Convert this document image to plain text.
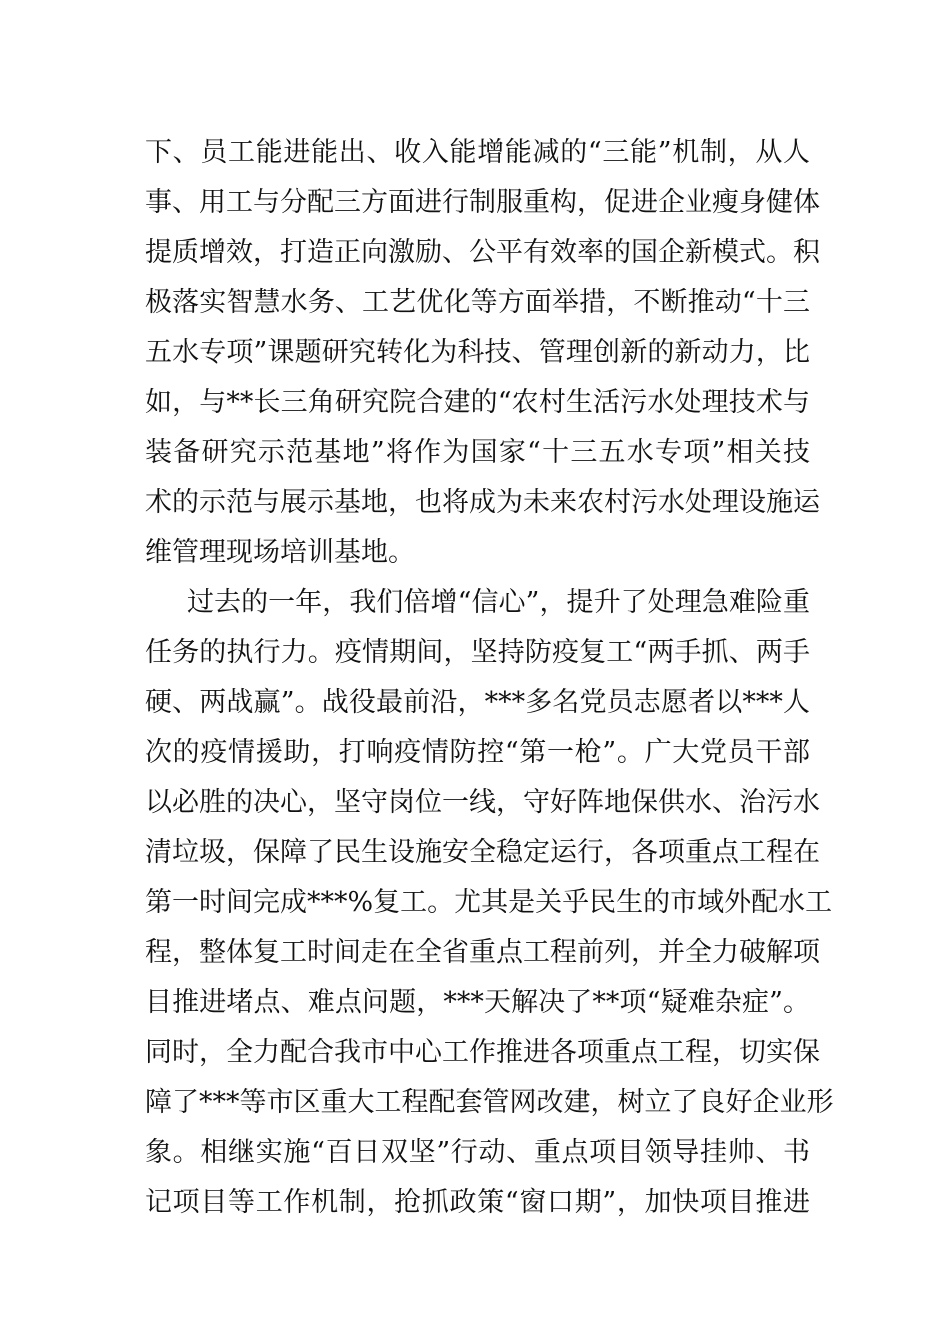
下、员工能进能出、收入能增能减的“三能”机制，从人
事、用工与分配三方面进行制服重构，促进企业瘦身健体
提质增效，打造正向激励、公平有效率的国企新模式。积
极落实智慧水务、工艺优化等方面举措，不断推动“十三
五水专项”课题研究转化为科技、管理创新的新动力，比
如，与**长三角研究院合建的“农村生活污水处理技术与
装备研究示范基地”将作为国家“十三五水专项”相关技
术的示范与展示基地，也将成为未来农村污水处理设施运
维管理现场培训基地。
过去的一年，我们倍增“信心”，提升了处理急难险重
任务的执行力。疫情期间，坚持防疫复工“两手抓、两手
硬、两战赢”。战役最前沿，***多名党员志愿者以***人
次的疫情援助，打响疫情防控“第一枪”。广大党员干部
以必胜的决心，坚守岗位一线，守好阵地保供水、治污水
清垃圾，保障了民生设施安全稳定运行，各项重点工程在
第一时间完成***%复工。尤其是关乎民生的市域外配水工
程，整体复工时间走在全省重点工程前列，并全力破解项
目推进堵点、难点问题，***天解决了**项“疑难杂症”。
同时，全力配合我市中心工作推进各项重点工程，切实保
障了***等市区重大工程配套管网改建，树立了良好企业形
象。相继实施“百日双坚”行动、重点项目领导挂帅、书
记项目等工作机制，抢抓政策“窗口期”，加快项目推进
